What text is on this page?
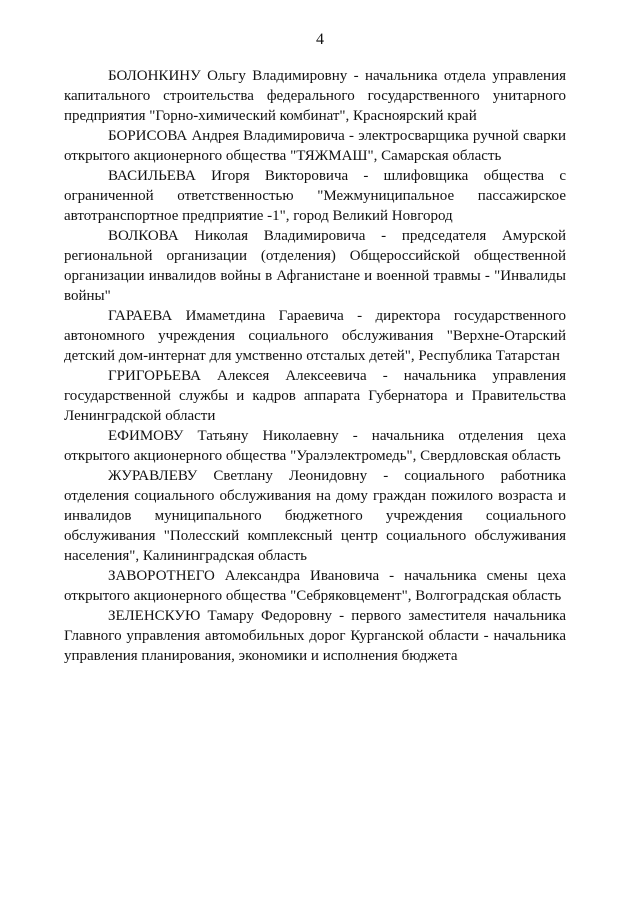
4

БОЛОНКИНУ Ольгу Владимировну - начальника отдела управления капитального строительства федерального государственного унитарного предприятия "Горно-химический комбинат", Красноярский край

БОРИСОВА Андрея Владимировича - электросварщика ручной сварки открытого акционерного общества "ТЯЖМАШ", Самарская область

ВАСИЛЬЕВА Игоря Викторовича - шлифовщика общества с ограниченной ответственностью "Межмуниципальное пассажирское автотранспортное предприятие -1", город Великий Новгород

ВОЛКОВА Николая Владимировича - председателя Амурской региональной организации (отделения) Общероссийской общественной организации инвалидов войны в Афганистане и военной травмы - "Инвалиды войны"

ГАРАЕВА Имаметдина Гараевича - директора государственного автономного учреждения социального обслуживания "Верхне-Отарский детский дом-интернат для умственно отсталых детей", Республика Татарстан

ГРИГОРЬЕВА Алексея Алексеевича - начальника управления государственной службы и кадров аппарата Губернатора и Правительства Ленинградской области

ЕФИМОВУ Татьяну Николаевну - начальника отделения цеха открытого акционерного общества "Уралэлектромедь", Свердловская область

ЖУРАВЛЕВУ Светлану Леонидовну - социального работника отделения социального обслуживания на дому граждан пожилого возраста и инвалидов муниципального бюджетного учреждения социального обслуживания "Полесский комплексный центр социального обслуживания населения", Калининградская область

ЗАВОРОТНЕГО Александра Ивановича - начальника смены цеха открытого акционерного общества "Себряковцемент", Волгоградская область

ЗЕЛЕНСКУЮ Тамару Федоровну - первого заместителя начальника Главного управления автомобильных дорог Курганской области - начальника управления планирования, экономики и исполнения бюджета
